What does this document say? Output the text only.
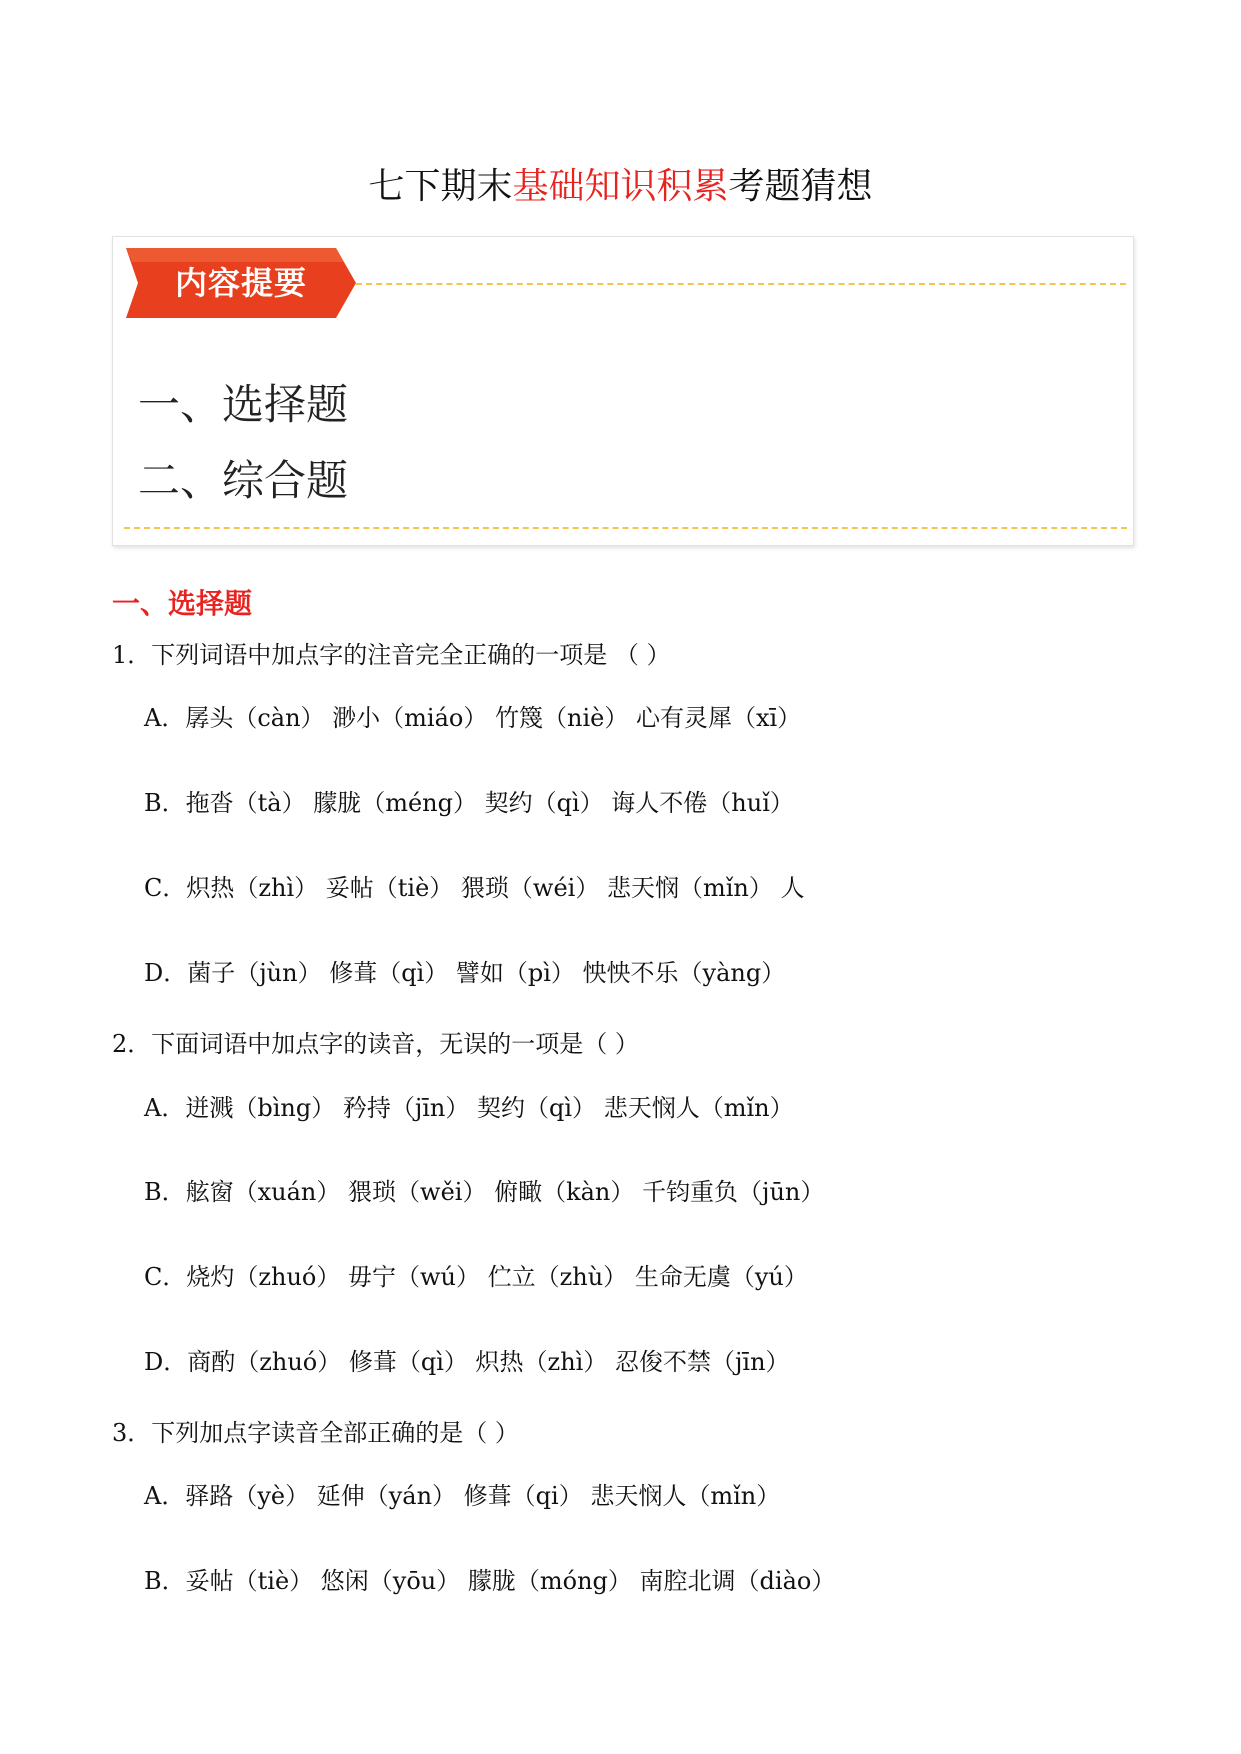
七下期末基础知识积累考题猜想
内容提要
一、选择题
二、综合题
一、选择题
1．下列词语中加点字的注音完全正确的一项是 （ ）
A．孱头（càn） 渺小（miáo） 竹篾（niè） 心有灵犀（xī）
B．拖沓（tà） 朦胧（méng） 契约（qì） 诲人不倦（huǐ）
C．炽热（zhì） 妥帖（tiè） 猥琐（wéi） 悲天悯（mǐn） 人
D．菌子（jùn） 修葺（qì） 譬如（pì） 怏怏不乐（yàng）
2．下面词语中加点字的读音，无误的一项是（ ）
A．迸溅（bìng） 矜持（jīn） 契约（qì） 悲天悯人（mǐn）
B．舷窗（xuán） 猥琐（wěi） 俯瞰（kàn） 千钧重负（jūn）
C．烧灼（zhuó） 毋宁（wú） 伫立（zhù） 生命无虞（yú）
D．商酌（zhuó） 修葺（qì） 炽热（zhì） 忍俊不禁（jīn）
3．下列加点字读音全部正确的是（ ）
A．驿路（yè） 延伸（yán） 修葺（qi） 悲天悯人（mǐn）
B．妥帖（tiè） 悠闲（yōu） 朦胧（móng） 南腔北调（diào）
